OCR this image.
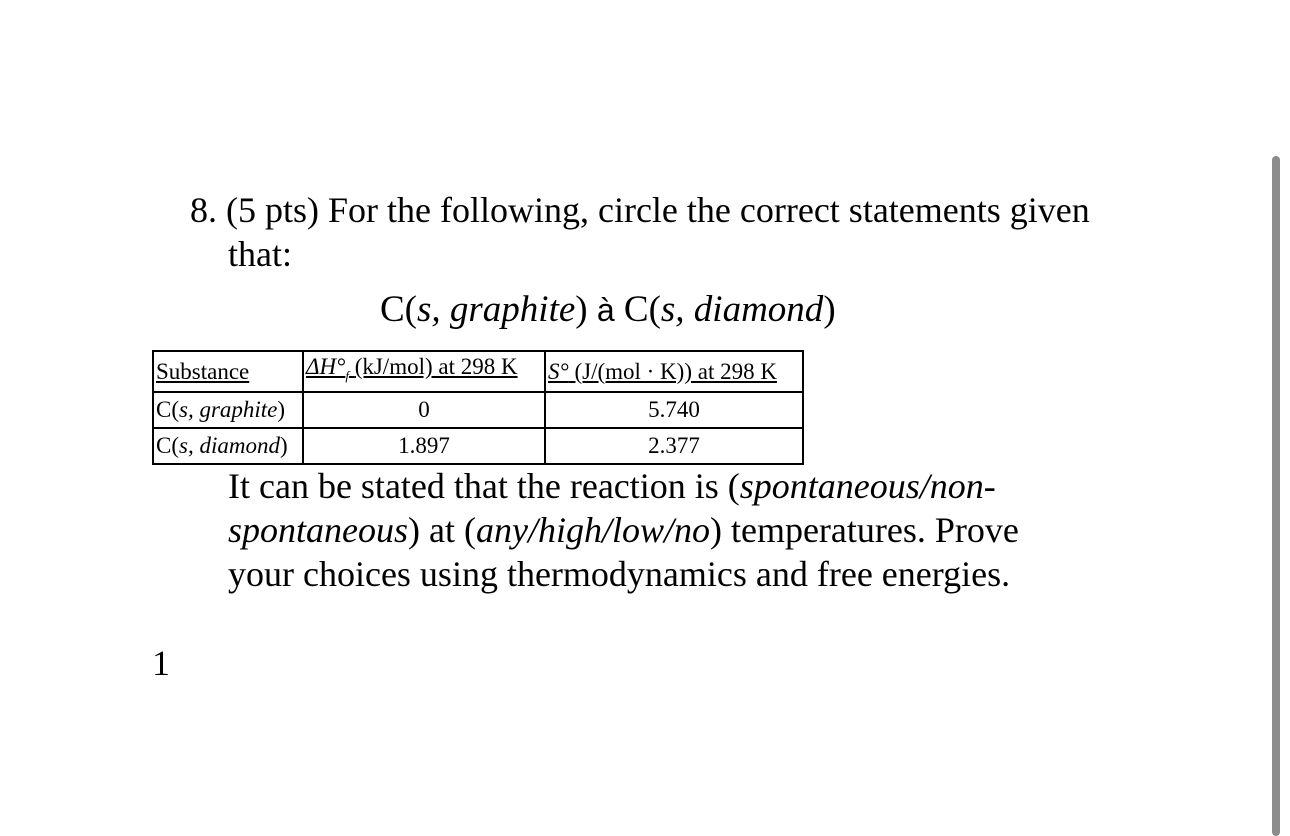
8. (5 pts) For the following, circle the correct statements given
that:
C(s, graphite) à C(s, diamond)
Substance	$\Delta H^\circ_f$ (kJ/mol) at 298 K	S° (J/(mol · K)) at 298 K
C(s, graphite)	0	5.740
C(s, diamond)	1.897	2.377
It can be stated that the reaction is (spontaneous/non-
spontaneous) at (any/high/low/no) temperatures. Prove
your choices using thermodynamics and free energies.
1
